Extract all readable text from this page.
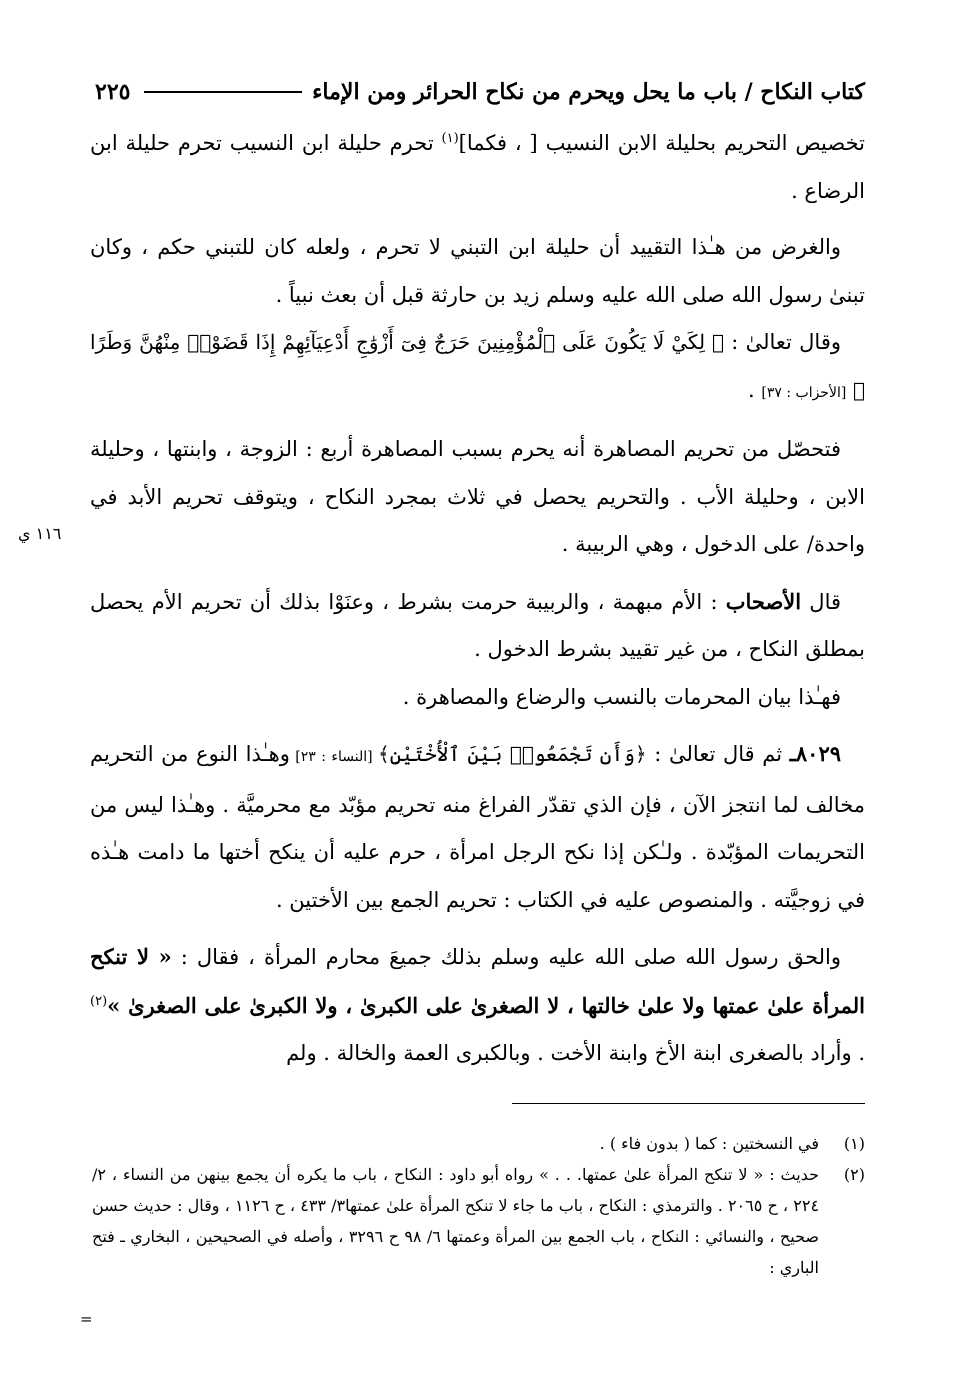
كتاب النكاح / باب ما يحل ويحرم من نكاح الحرائر ومن الإماء
٢٢٥
١١٦ ي

تخصيص التحريم بحليلة الابن النسيب [ ، فكما]$^{(١)}$ تحرم حليلة ابن النسيب تحرم حليلة ابن الرضاع .

والغرض من هـٰذا التقييد أن حليلة ابن التبني لا تحرم ، ولعله كان للتبني حكم ، وكان تبنىٰ رسول الله صلى الله عليه وسلم زيد بن حارثة قبل أن بعث نبياً .

وقال تعالىٰ : ﴿ لِكَيْ لَا يَكُونَ عَلَى ٱلْمُؤْمِنِينَ حَرَجٌ فِىٓ أَزْوَٰجِ أَدْعِيَآئِهِمْ إِذَا قَضَوْا۟ مِنْهُنَّ وَطَرًا ﴾ [الأحزاب : ٣٧] .

فتحصّل من تحريم المصاهرة أنه يحرم بسبب المصاهرة أربع : الزوجة ، وابنتها ، وحليلة الابن ، وحليلة الأب . والتحريم يحصل في ثلاث بمجرد النكاح ، ويتوقف تحريم الأبد في واحدة/ على الدخول ، وهي الربيبة .

قال الأصحاب : الأم مبهمة ، والربيبة حرمت بشرط ، وعنَوْا بذلك أن تحريم الأم يحصل بمطلق النكاح ، من غير تقييد بشرط الدخول .

فهـٰذا بيان المحرمات بالنسب والرضاع والمصاهرة .

٨٠٢٩ـ ثم قال تعالىٰ : ﴿وَأَن تَجْمَعُوا۟ بَيْنَ ٱلْأُخْتَيْنِ﴾ [النساء : ٢٣] وهـٰذا النوع من التحريم مخالف لما انتجز الآن ، فإن الذي تقدّر الفراغ منه تحريم مؤبّد مع محرميَّة . وهـٰذا ليس من التحريمات المؤبّدة . ولـٰكن إذا نكح الرجل امرأة ، حرم عليه أن ينكح أختها ما دامت هـٰذه في زوجيَّته . والمنصوص عليه في الكتاب : تحريم الجمع بين الأختين .

والحق رسول الله صلى الله عليه وسلم بذلك جميعَ محارم المرأة ، فقال : « لا تنكح المرأة علىٰ عمتها ولا علىٰ خالتها ، لا الصغرىٰ على الكبرىٰ ، ولا الكبرىٰ على الصغرىٰ »$^{(٢)}$ . وأراد بالصغرى ابنة الأخ وابنة الأخت . وبالكبرى العمة والخالة . ولم

(١)
في النسختين : كما ( بدون فاء ) .
(٢)
حديث : « لا تنكح المرأة علىٰ عمتها. . . » رواه أبو داود : النكاح ، باب ما يكره أن يجمع بينهن من النساء ، ٢/ ٢٢٤ ، ح ٢٠٦٥ . والترمذي : النكاح ، باب ما جاء لا تنكح المرأة علىٰ عمتها٣/ ٤٣٣ ، ح ١١٢٦ ، وقال : حديث حسن صحيح ، والنسائي : النكاح ، باب الجمع بين المرأة وعمتها ٦/ ٩٨ ح ٣٢٩٦ ، وأصله في الصحيحين ، البخاري ـ فتح الباري :
=
